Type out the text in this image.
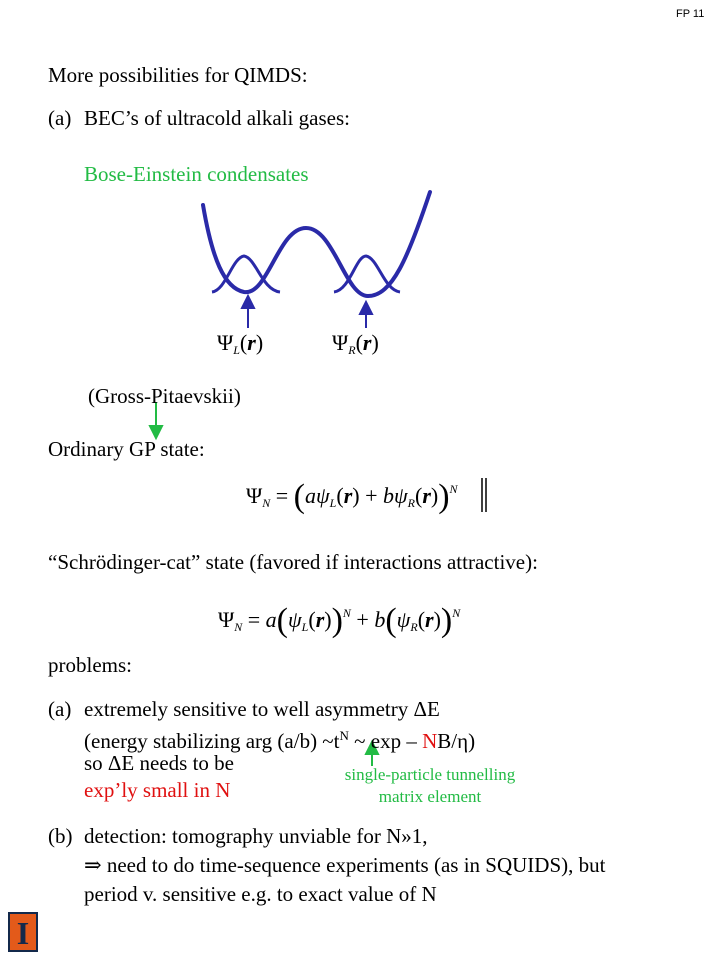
FP 11
More possibilities for QIMDS:
(a) BEC’s of ultracold alkali gases:
Bose-Einstein condensates
$\Psi_L(r)$	$\Psi_R(r)$
(Gross-Pitaevskii)
Ordinary GP state:
$\Psi_N = (a\psi_L(r) + b\psi_R(r))^N$
“Schrödinger-cat” state (favored if interactions attractive):
$\Psi_N = a(\psi_L(r))^N + b(\psi_R(r))^N$
problems:
(a) extremely sensitive to well asymmetry ΔE
(energy stabilizing arg (a/b) $\sim t^N$ ~ exp – NB/η)
so ΔE needs to be
exp’ly small in N
single-particle tunnelling
matrix element
(b) detection: tomography unviable for N»1,
⇒ need to do time-sequence experiments (as in SQUIDS), but
period v. sensitive e.g. to exact value of N
I
